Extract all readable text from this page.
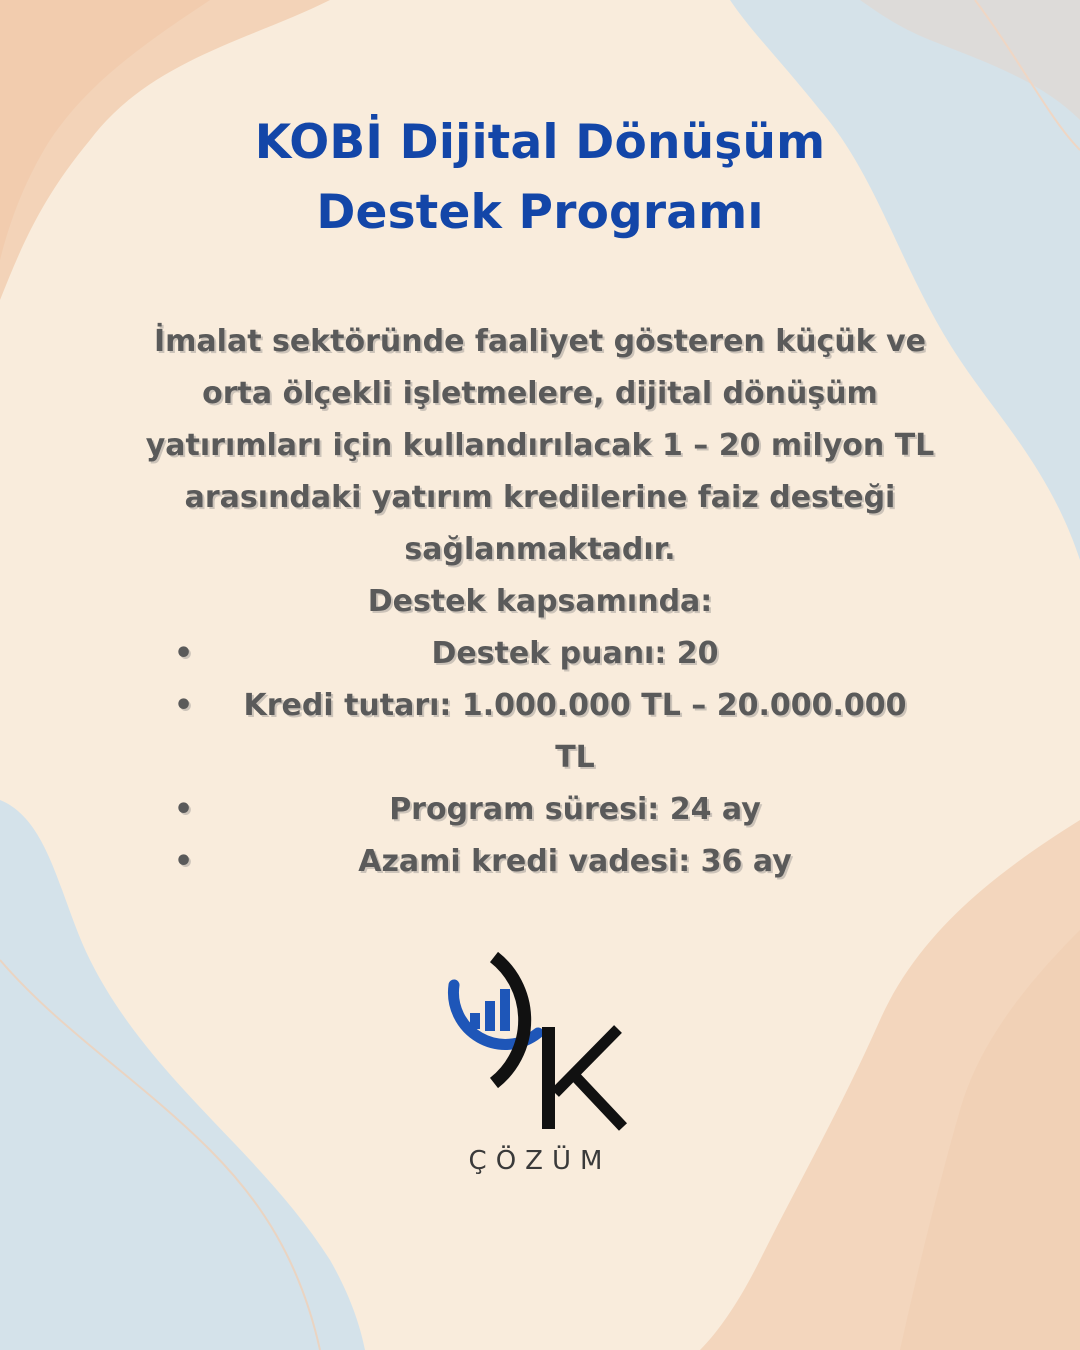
KOBİ Dijital Dönüşüm
Destek Programı

İmalat sektöründe faaliyet gösteren küçük ve orta ölçekli işletmelere, dijital dönüşüm yatırımları için kullandırılacak 1 – 20 milyon TL arasındaki yatırım kredilerine faiz desteği sağlanmaktadır.

Destek kapsamında:

•	Destek puanı: 20
• Kredi tutarı: 1.000.000 TL – 20.000.000 TL
•	Program süresi: 24 ay
•	Azami kredi vadesi: 36 ay

ÇÖZÜM
